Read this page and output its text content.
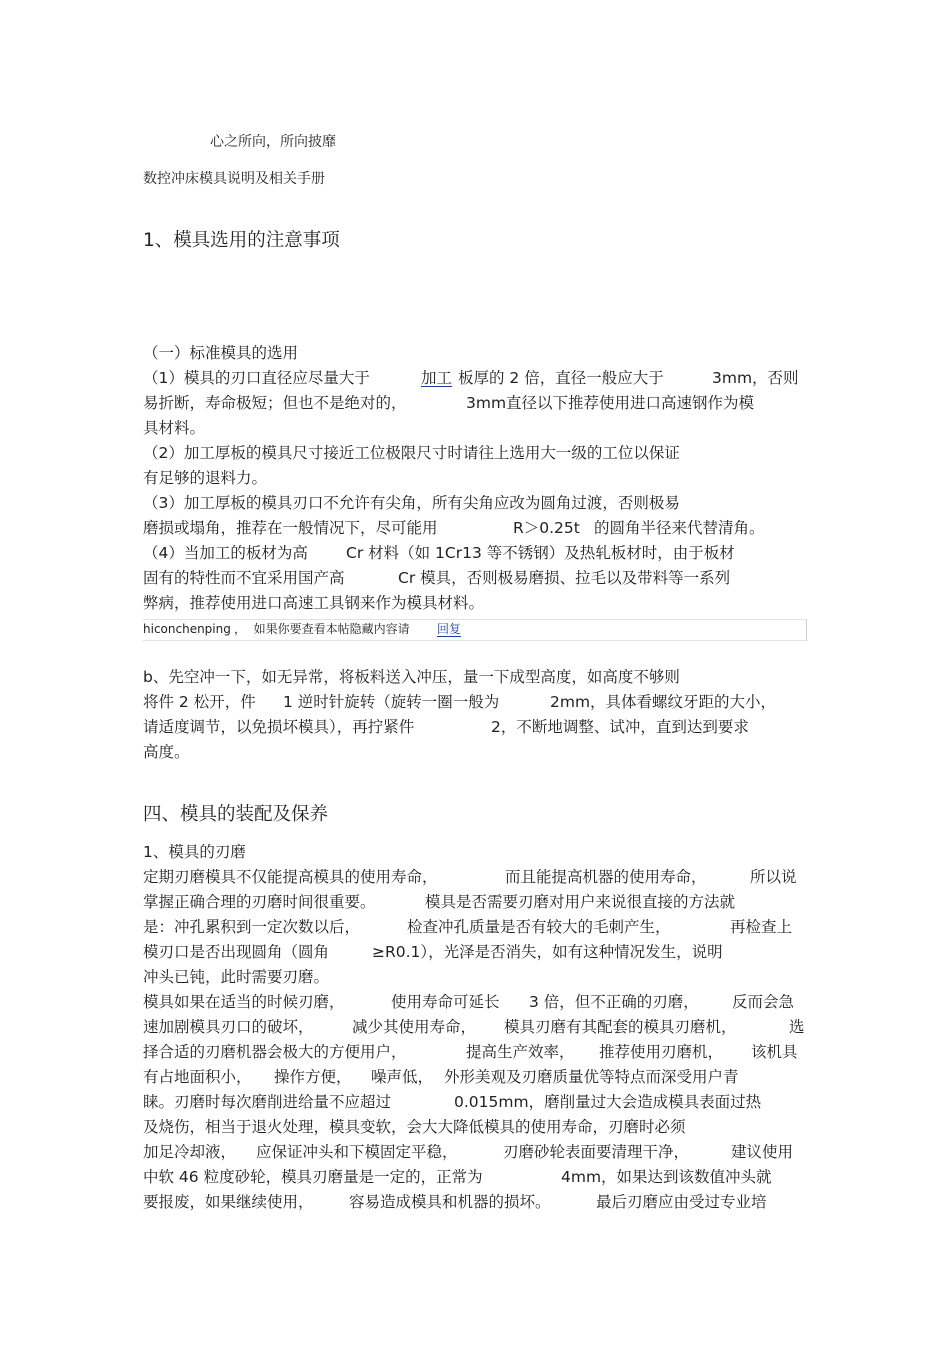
心之所向，所向披靡
数控冲床模具说明及相关手册
1、模具选用的注意事项
（一）标准模具的选用
（1）模具的刃口直径应尽量大于	加工 板厚的 2 倍，直径一般应大于	3mm，否则
易折断，寿命极短；但也不是绝对的，	3mm直径以下推荐使用进口高速钢作为模
具材料。
（2）加工厚板的模具尺寸接近工位极限尺寸时请往上选用大一级的工位以保证
有足够的退料力。
（3）加工厚板的模具刃口不允许有尖角，所有尖角应改为圆角过渡，否则极易
磨损或塌角，推荐在一般情况下，尽可能用	R＞0.25t 的圆角半径来代替清角。
（4）当加工的板材为高 Cr 材料（如 1Cr13 等不锈钢）及热轧板材时，由于板材
固有的特性而不宜采用国产高	Cr 模具，否则极易磨损、拉毛以及带料等一系列
弊病，推荐使用进口高速工具钢来作为模具材料。
hiconchenping ，  如果你要查看本帖隐藏内容请 回复
b、先空冲一下，如无异常，将板料送入冲压，量一下成型高度，如高度不够则
将件 2 松开，件 1 逆时针旋转（旋转一圈一般为	2mm，具体看螺纹牙距的大小，
请适度调节，以免损坏模具），再拧紧件	2，不断地调整、试冲，直到达到要求
高度。
四、模具的装配及保养
1、模具的刃磨
定期刃磨模具不仅能提高模具的使用寿命，	而且能提高机器的使用寿命，	所以说
掌握正确合理的刃磨时间很重要。	模具是否需要刃磨对用户来说很直接的方法就
是：冲孔累积到一定次数以后，	检查冲孔质量是否有较大的毛刺产生，	再检查上
模刃口是否出现圆角（圆角	≥R0.1），光泽是否消失，如有这种情况发生，说明
冲头已钝，此时需要刃磨。
模具如果在适当的时候刃磨，	使用寿命可延长 3 倍，但不正确的刃磨， 反而会急
速加剧模具刃口的破坏， 减少其使用寿命， 模具刃磨有其配套的模具刃磨机，	选
择合适的刃磨机器会极大的方便用户，	提高生产效率， 推荐使用刃磨机， 该机具
有占地面积小， 操作方便， 噪声低， 外形美观及刃磨质量优等特点而深受用户青
睐。刃磨时每次磨削进给量不应超过	0.015mm，磨削量过大会造成模具表面过热
及烧伤，相当于退火处理，模具变软，会大大降低模具的使用寿命，刃磨时必须
加足冷却液， 应保证冲头和下模固定平稳，	刃磨砂轮表面要清理干净，	建议使用
中软 46 粒度砂轮，模具刃磨量是一定的，正常为	4mm，如果达到该数值冲头就
要报废，如果继续使用， 容易造成模具和机器的损坏。	最后刃磨应由受过专业培
